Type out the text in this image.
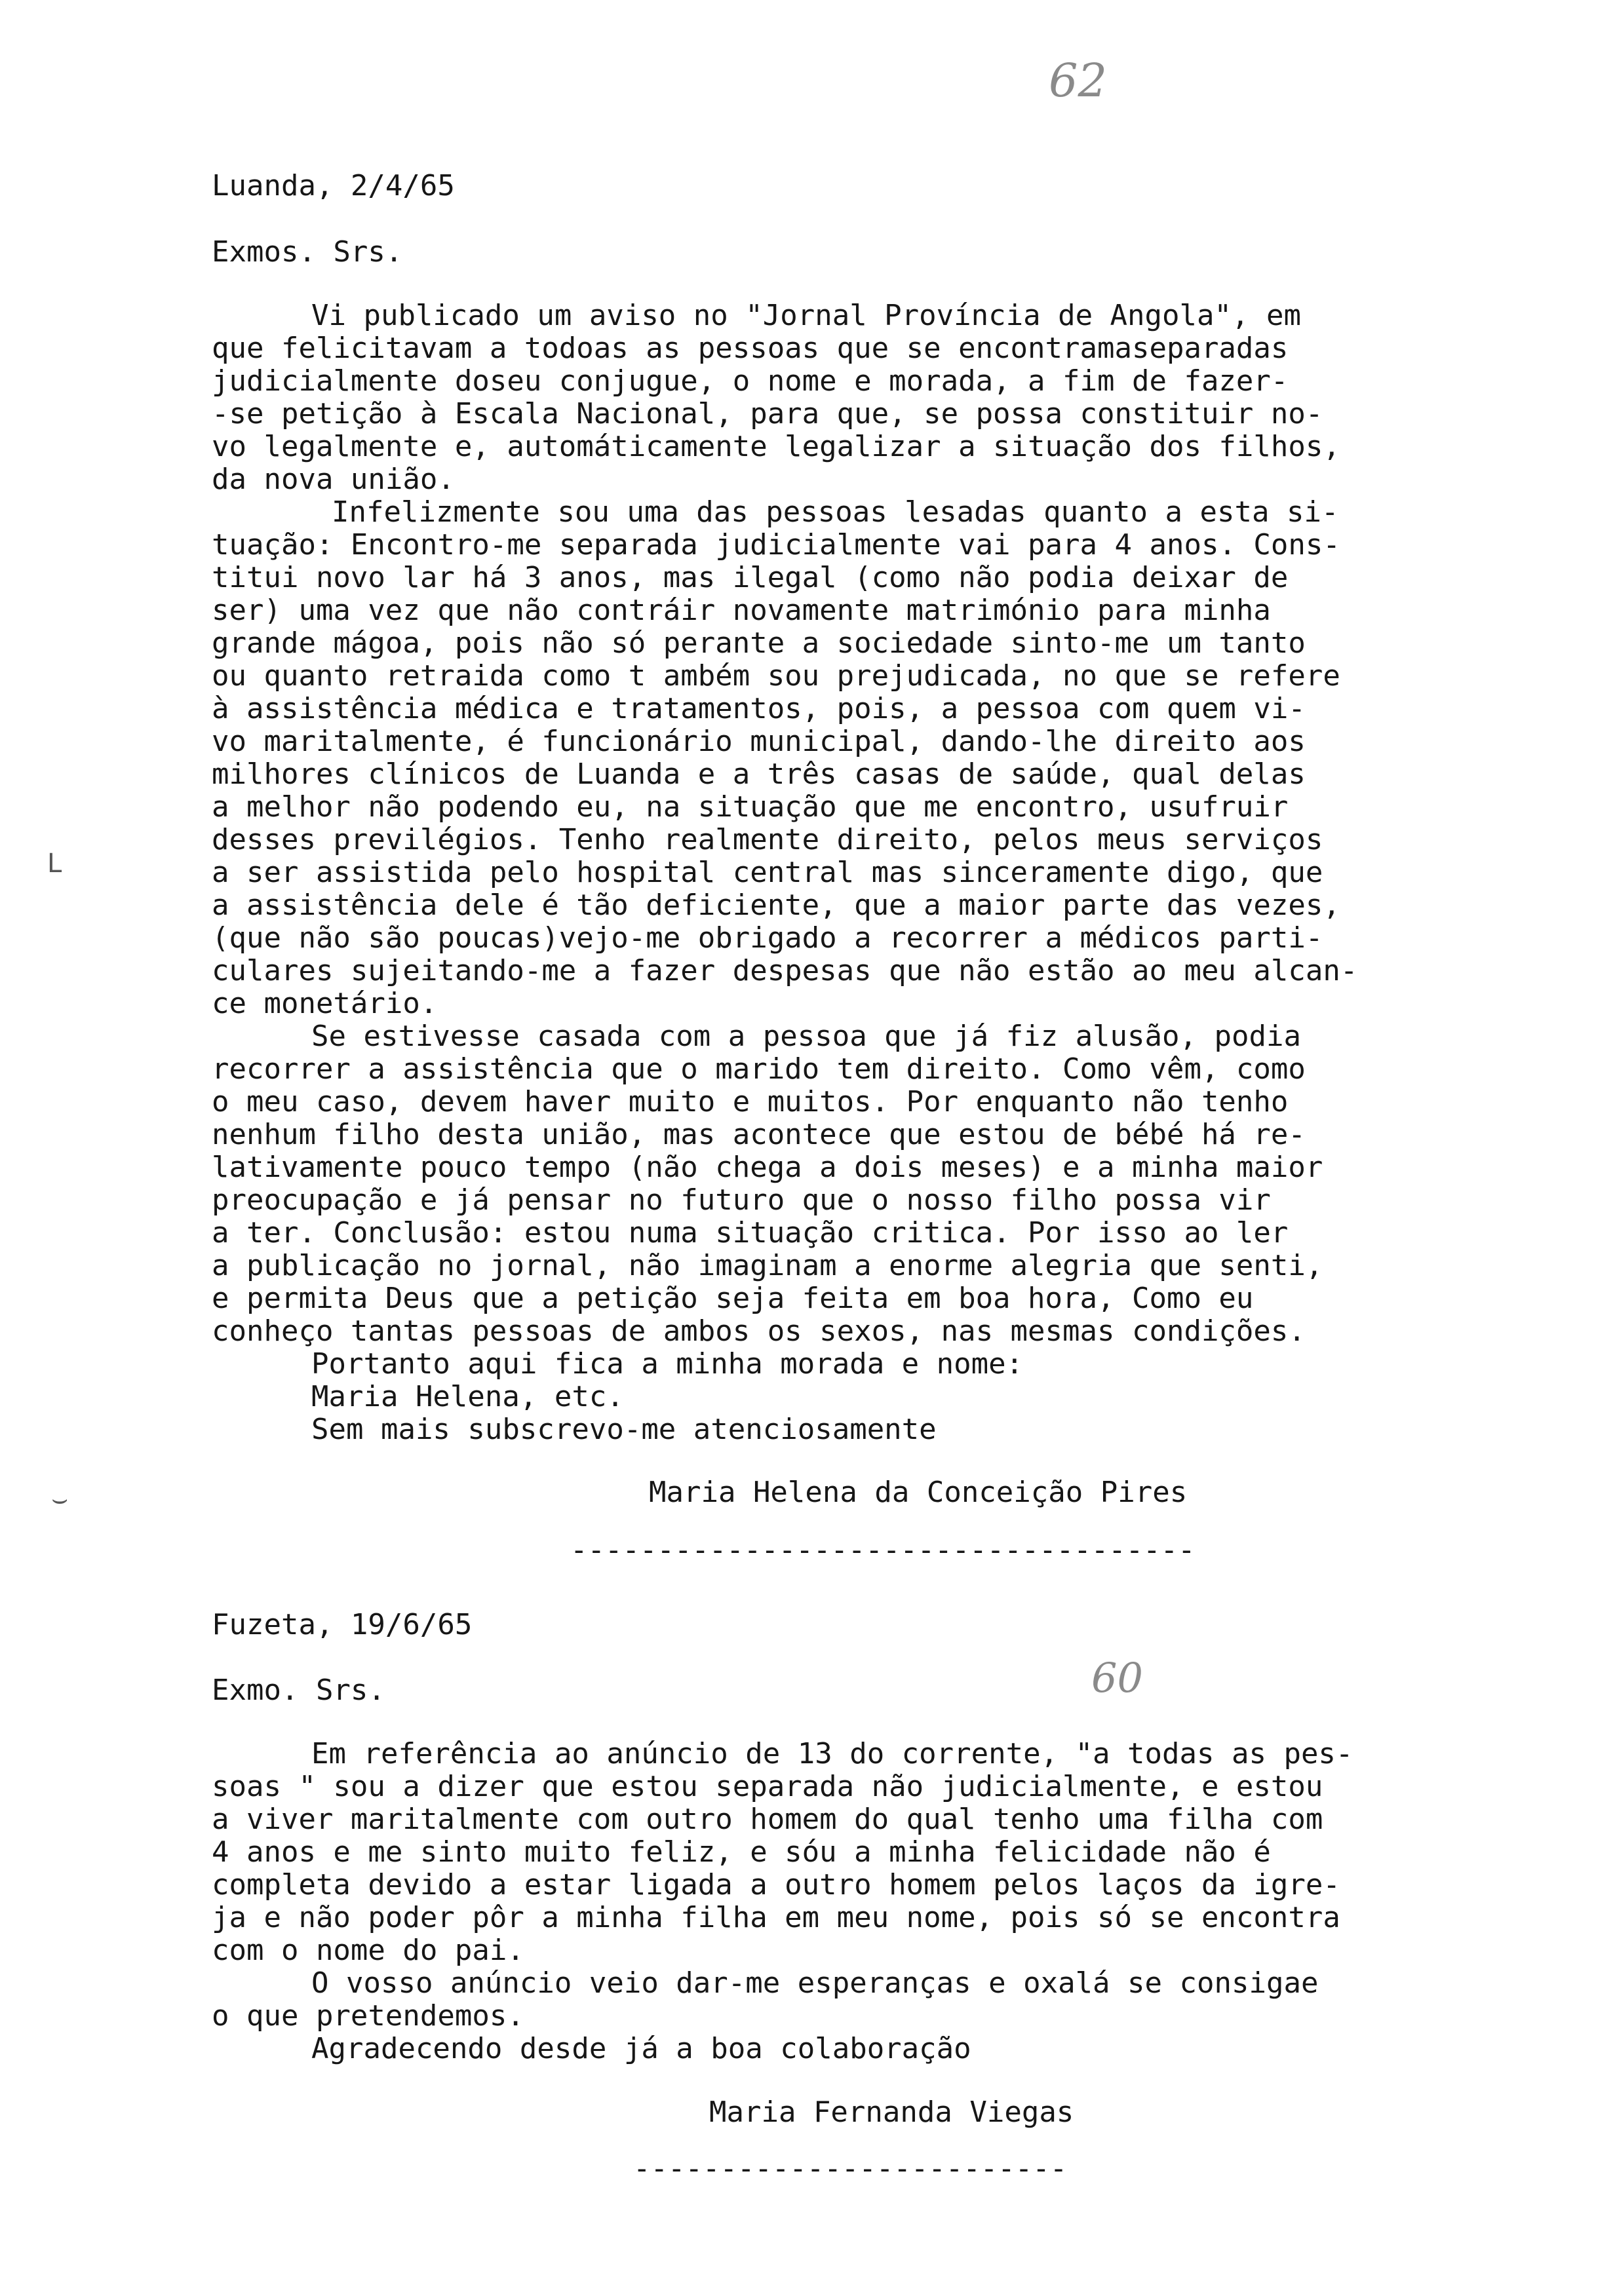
62
60
L
⌣
Luanda, 2/4/65
Exmos. Srs.
Vi publicado um aviso no "Jornal Província de Angola", em
que felicitavam a todoas as pessoas que se encontramaseparadas
judicialmente doseu conjugue, o nome e morada, a fim de fazer-
-se petição à Escala Nacional, para que, se possa constituir no-
vo legalmente e, automáticamente legalizar a situação dos filhos,
da nova união.
Infelizmente sou uma das pessoas lesadas quanto a esta si-
tuação: Encontro-me separada judicialmente vai para 4 anos. Cons-
titui novo lar há 3 anos, mas ilegal (como não podia deixar de
ser) uma vez que não contráir novamente matrimónio para minha
grande mágoa, pois não só perante a sociedade sinto-me um tanto
ou quanto retraida como t ambém sou prejudicada, no que se refere
à assistência médica e tratamentos, pois, a pessoa com quem vi-
vo maritalmente, é funcionário municipal, dando-lhe direito aos
milhores clínicos de Luanda e a três casas de saúde, qual delas
a melhor não podendo eu, na situação que me encontro, usufruir
desses previlégios. Tenho realmente direito, pelos meus serviços
a ser assistida pelo hospital central mas sinceramente digo, que
a assistência dele é tão deficiente, que a maior parte das vezes,
(que não são poucas)vejo-me obrigado a recorrer a médicos parti-
culares sujeitando-me a fazer despesas que não estão ao meu alcan-
ce monetário.
Se estivesse casada com a pessoa que já fiz alusão, podia
recorrer a assistência que o marido tem direito. Como vêm, como
o meu caso, devem haver muito e muitos. Por enquanto não tenho
nenhum filho desta união, mas acontece que estou de bébé há re-
lativamente pouco tempo (não chega a dois meses) e a minha maior
preocupação e já pensar no futuro que o nosso filho possa vir
a ter. Conclusão: estou numa situação critica. Por isso ao ler
a publicação no jornal, não imaginam a enorme alegria que senti,
e permita Deus que a petição seja feita em boa hora, Como eu
conheço tantas pessoas de ambos os sexos, nas mesmas condições.
Portanto aqui fica a minha morada e nome:
Maria Helena, etc.
Sem mais subscrevo-me atenciosamente
Maria Helena da Conceição Pires
------------------------------------
Fuzeta, 19/6/65
Exmo. Srs.
Em referência ao anúncio de 13 do corrente, "a todas as pes-
soas " sou a dizer que estou separada não judicialmente, e estou
a viver maritalmente com outro homem do qual tenho uma filha com
4 anos e me sinto muito feliz, e sóu a minha felicidade não é
completa devido a estar ligada a outro homem pelos laços da igre-
ja e não poder pôr a minha filha em meu nome, pois só se encontra
com o nome do pai.
O vosso anúncio veio dar-me esperanças e oxalá se consigae
o que pretendemos.
Agradecendo desde já a boa colaboração
Maria Fernanda Viegas
-------------------------
